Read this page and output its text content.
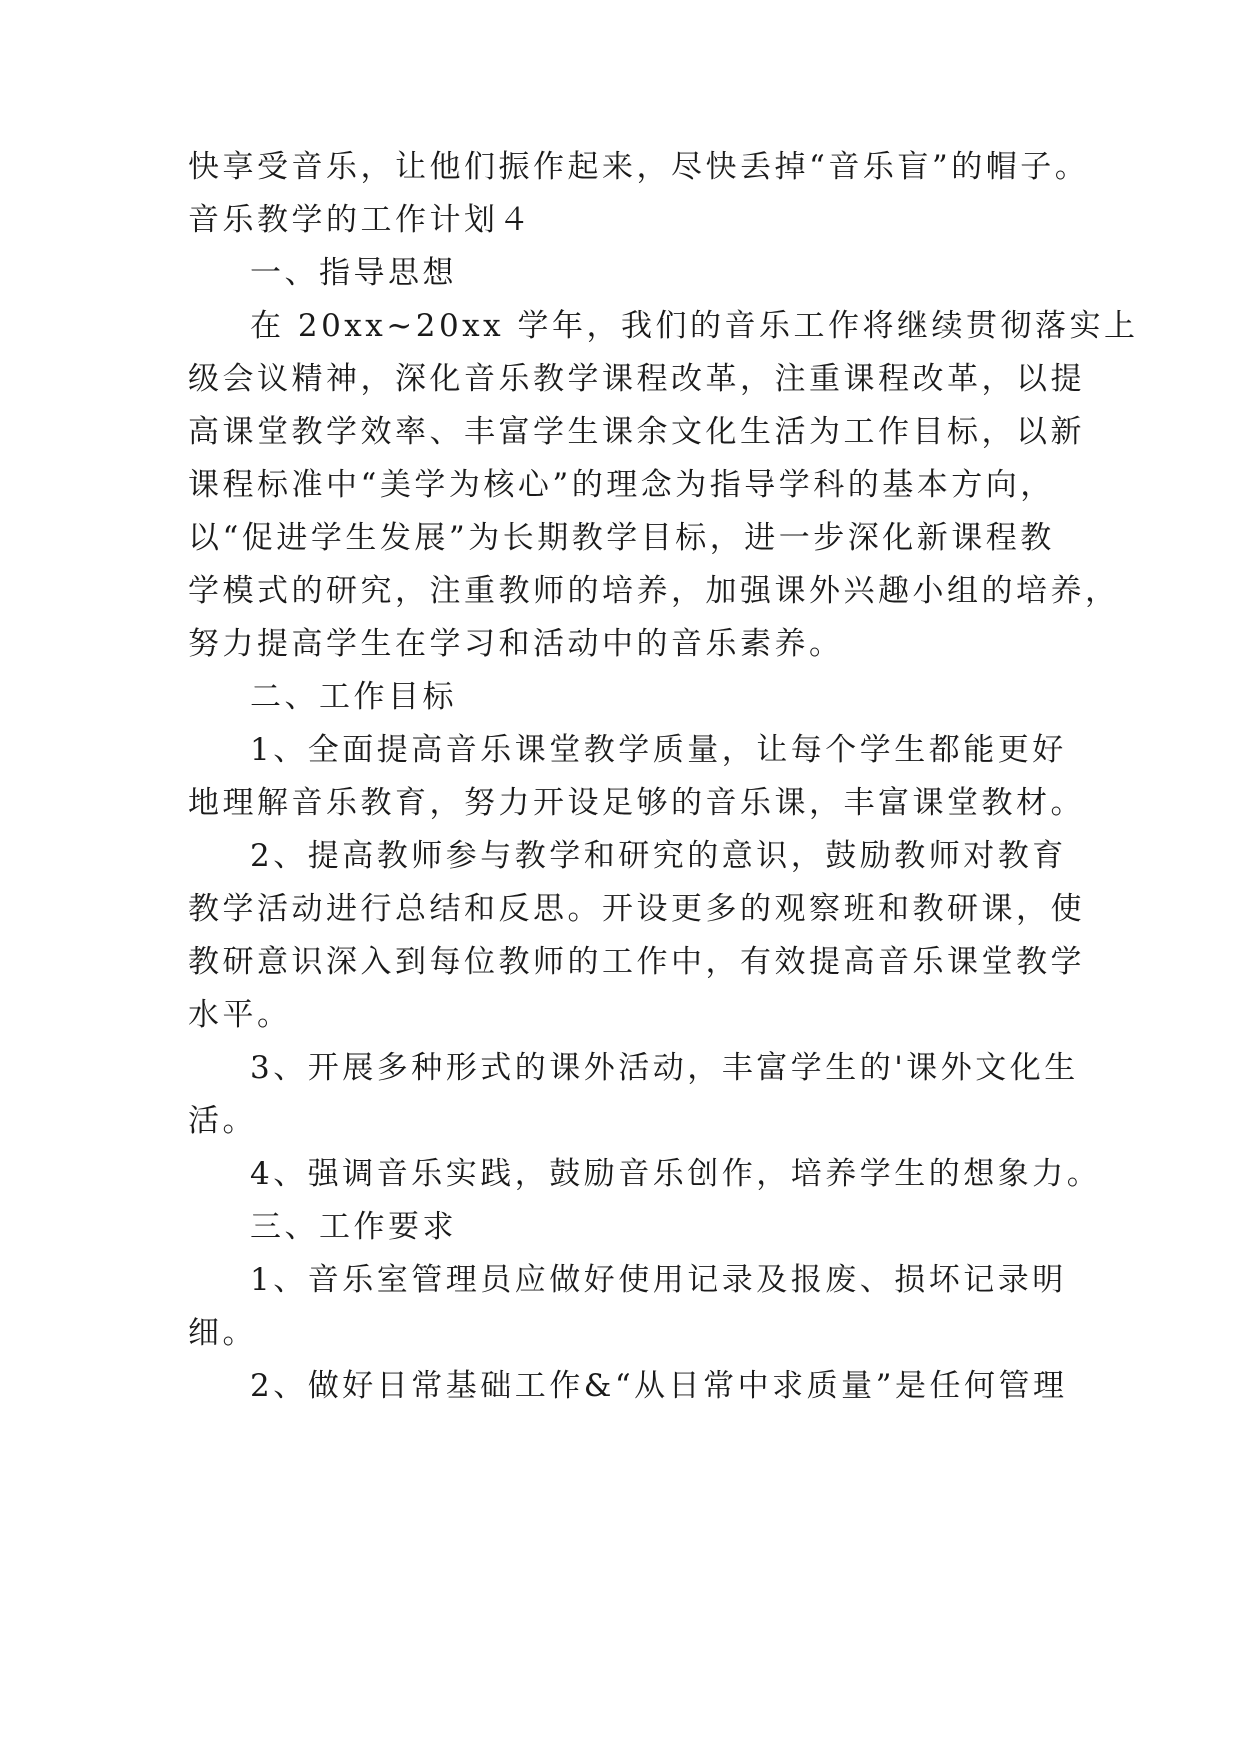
快享受音乐，让他们振作起来，尽快丢掉“音乐盲”的帽子。

音乐教学的工作计划４

一、指导思想

在 20xx~20xx 学年，我们的音乐工作将继续贯彻落实上

级会议精神，深化音乐教学课程改革，注重课程改革，以提

高课堂教学效率、丰富学生课余文化生活为工作目标，以新

课程标准中“美学为核心”的理念为指导学科的基本方向，

以“促进学生发展”为长期教学目标，进一步深化新课程教

学模式的研究，注重教师的培养，加强课外兴趣小组的培养，

努力提高学生在学习和活动中的音乐素养。

二、工作目标

1、全面提高音乐课堂教学质量，让每个学生都能更好

地理解音乐教育，努力开设足够的音乐课，丰富课堂教材。

2、提高教师参与教学和研究的意识，鼓励教师对教育

教学活动进行总结和反思。开设更多的观察班和教研课，使

教研意识深入到每位教师的工作中，有效提高音乐课堂教学

水平。

3、开展多种形式的课外活动，丰富学生的'课外文化生

活。

4、强调音乐实践，鼓励音乐创作，培养学生的想象力。

三、工作要求

1、音乐室管理员应做好使用记录及报废、损坏记录明

细。

2、做好日常基础工作&“从日常中求质量”是任何管理
